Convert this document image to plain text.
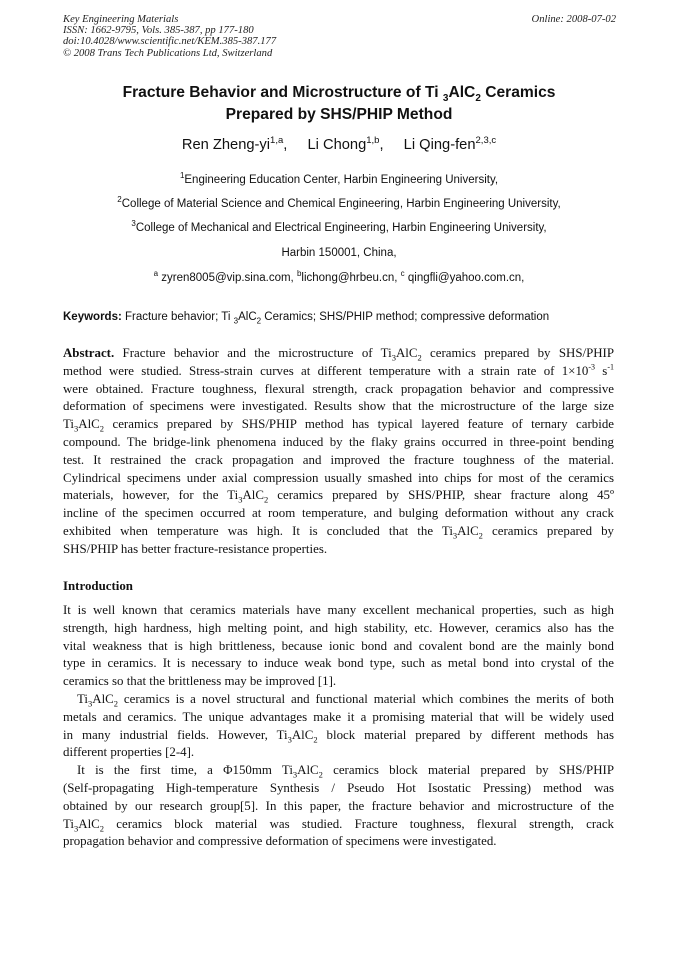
Key Engineering Materials
ISSN: 1662-9795, Vols. 385-387, pp 177-180
doi:10.4028/www.scientific.net/KEM.385-387.177
© 2008 Trans Tech Publications Ltd, Switzerland
Online: 2008-07-02
Fracture Behavior and Microstructure of Ti $_3$AlC$_2$ Ceramics
Prepared by SHS/PHIP Method
Ren Zheng-yi$^{1,a}$, Li Chong$^{1,b}$, Li Qing-fen$^{2,3,c}$
$^1$Engineering Education Center, Harbin Engineering University,
$^2$College of Material Science and Chemical Engineering, Harbin Engineering University,
$^3$College of Mechanical and Electrical Engineering, Harbin Engineering University,
Harbin 150001, China,
$^a$ zyren8005@vip.sina.com, $^b$lichong@hrbeu.cn, $^c$ qingfli@yahoo.com.cn,
Keywords: Fracture behavior; Ti $_3$AlC$_2$ Ceramics; SHS/PHIP method; compressive deformation
Abstract. Fracture behavior and the microstructure of $Ti_3AlC_2$ ceramics prepared by SHS/PHIP
method were studied. Stress-strain curves at different temperature with a strain rate of $1\times 10^{-3}$ $s^{-1}$
were obtained. Fracture toughness, flexural strength, crack propagation behavior and compressive
deformation of specimens were investigated. Results show that the microstructure of the large size
$Ti_3AlC_2$ ceramics prepared by SHS/PHIP method has typical layered feature of ternary carbide
compound. The bridge-link phenomena induced by the flaky grains occurred in three-point bending
test. It restrained the crack propagation and improved the fracture toughness of the material.
Cylindrical specimens under axial compression usually smashed into chips for most of the ceramics
materials, however, for the $Ti_3AlC_2$ ceramics prepared by SHS/PHIP, shear fracture along 45º
incline of the specimen occurred at room temperature, and bulging deformation without any crack
exhibited when temperature was high. It is concluded that the $Ti_3AlC_2$ ceramics prepared by
SHS/PHIP has better fracture-resistance properties.
Introduction
It is well known that ceramics materials have many excellent mechanical properties, such as high
strength, high hardness, high melting point, and high stability, etc. However, ceramics also has the
vital weakness that is high brittleness, because ionic bond and covalent bond are the mainly bond
type in ceramics. It is necessary to induce weak bond type, such as metal bond into crystal of the
ceramics so that the brittleness may be improved [1].
$Ti_3AlC_2$ ceramics is a novel structural and functional material which combines the merits of both
metals and ceramics. The unique advantages make it a promising material that will be widely used
in many industrial fields. However, $Ti_3AlC_2$ block material prepared by different methods has
different properties [2-4].
It is the first time, a Φ150mm $Ti_3AlC_2$ ceramics block material prepared by SHS/PHIP
(Self-propagating High-temperature Synthesis / Pseudo Hot Isostatic Pressing) method was
obtained by our research group[5]. In this paper, the fracture behavior and microstructure of the
$Ti_3AlC_2$ ceramics block material was studied. Fracture toughness, flexural strength, crack
propagation behavior and compressive deformation of specimens were investigated.
